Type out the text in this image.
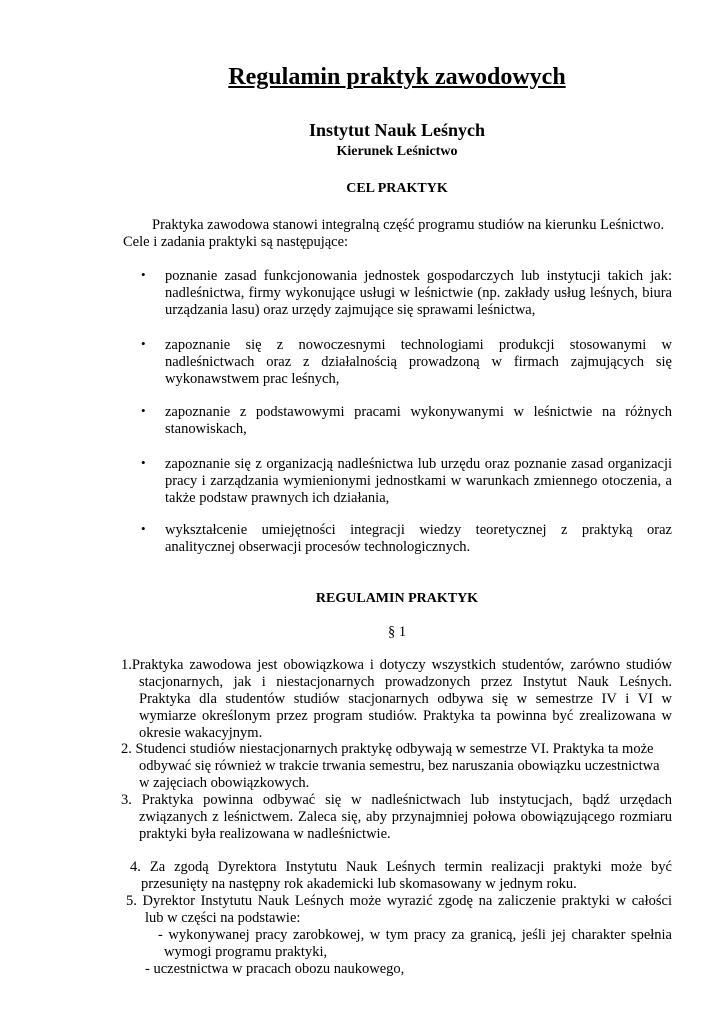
Regulamin praktyk zawodowych
Instytut Nauk Leśnych
Kierunek Leśnictwo
CEL PRAKTYK
Praktyka zawodowa stanowi integralną część programu studiów na kierunku Leśnictwo.
Cele i zadania praktyki są następujące:
• poznanie zasad funkcjonowania jednostek gospodarczych lub instytucji takich jak:
nadleśnictwa, firmy wykonujące usługi w leśnictwie (np. zakłady usług leśnych, biura
urządzania lasu) oraz urzędy zajmujące się sprawami leśnictwa,
• zapoznanie się z nowoczesnymi technologiami produkcji stosowanymi w
nadleśnictwach oraz z działalnością prowadzoną w firmach zajmujących się
wykonawstwem prac leśnych,
• zapoznanie z podstawowymi pracami wykonywanymi w leśnictwie na różnych
stanowiskach,
• zapoznanie się z organizacją nadleśnictwa lub urzędu oraz poznanie zasad organizacji
pracy i zarządzania wymienionymi jednostkami w warunkach zmiennego otoczenia, a
także podstaw prawnych ich działania,
• wykształcenie umiejętności integracji wiedzy teoretycznej z praktyką oraz
analitycznej obserwacji procesów technologicznych.
REGULAMIN PRAKTYK
§ 1
1.Praktyka zawodowa jest obowiązkowa i dotyczy wszystkich studentów, zarówno studiów
stacjonarnych, jak i niestacjonarnych prowadzonych przez Instytut Nauk Leśnych.
Praktyka dla studentów studiów stacjonarnych odbywa się w semestrze IV i VI w
wymiarze określonym przez program studiów. Praktyka ta powinna być zrealizowana w
okresie wakacyjnym.
2. Studenci studiów niestacjonarnych praktykę odbywają w semestrze VI. Praktyka ta może
odbywać się również w trakcie trwania semestru, bez naruszania obowiązku uczestnictwa
w zajęciach obowiązkowych.
3. Praktyka powinna odbywać się w nadleśnictwach lub instytucjach, bądź urzędach
związanych z leśnictwem. Zaleca się, aby przynajmniej połowa obowiązującego rozmiaru
praktyki była realizowana w nadleśnictwie.
4. Za zgodą Dyrektora Instytutu Nauk Leśnych termin realizacji praktyki może być
przesunięty na następny rok akademicki lub skomasowany w jednym roku.
5. Dyrektor Instytutu Nauk Leśnych może wyrazić zgodę na zaliczenie praktyki w całości
lub w części na podstawie:
- wykonywanej pracy zarobkowej, w tym pracy za granicą, jeśli jej charakter spełnia
wymogi programu praktyki,
- uczestnictwa w pracach obozu naukowego,
